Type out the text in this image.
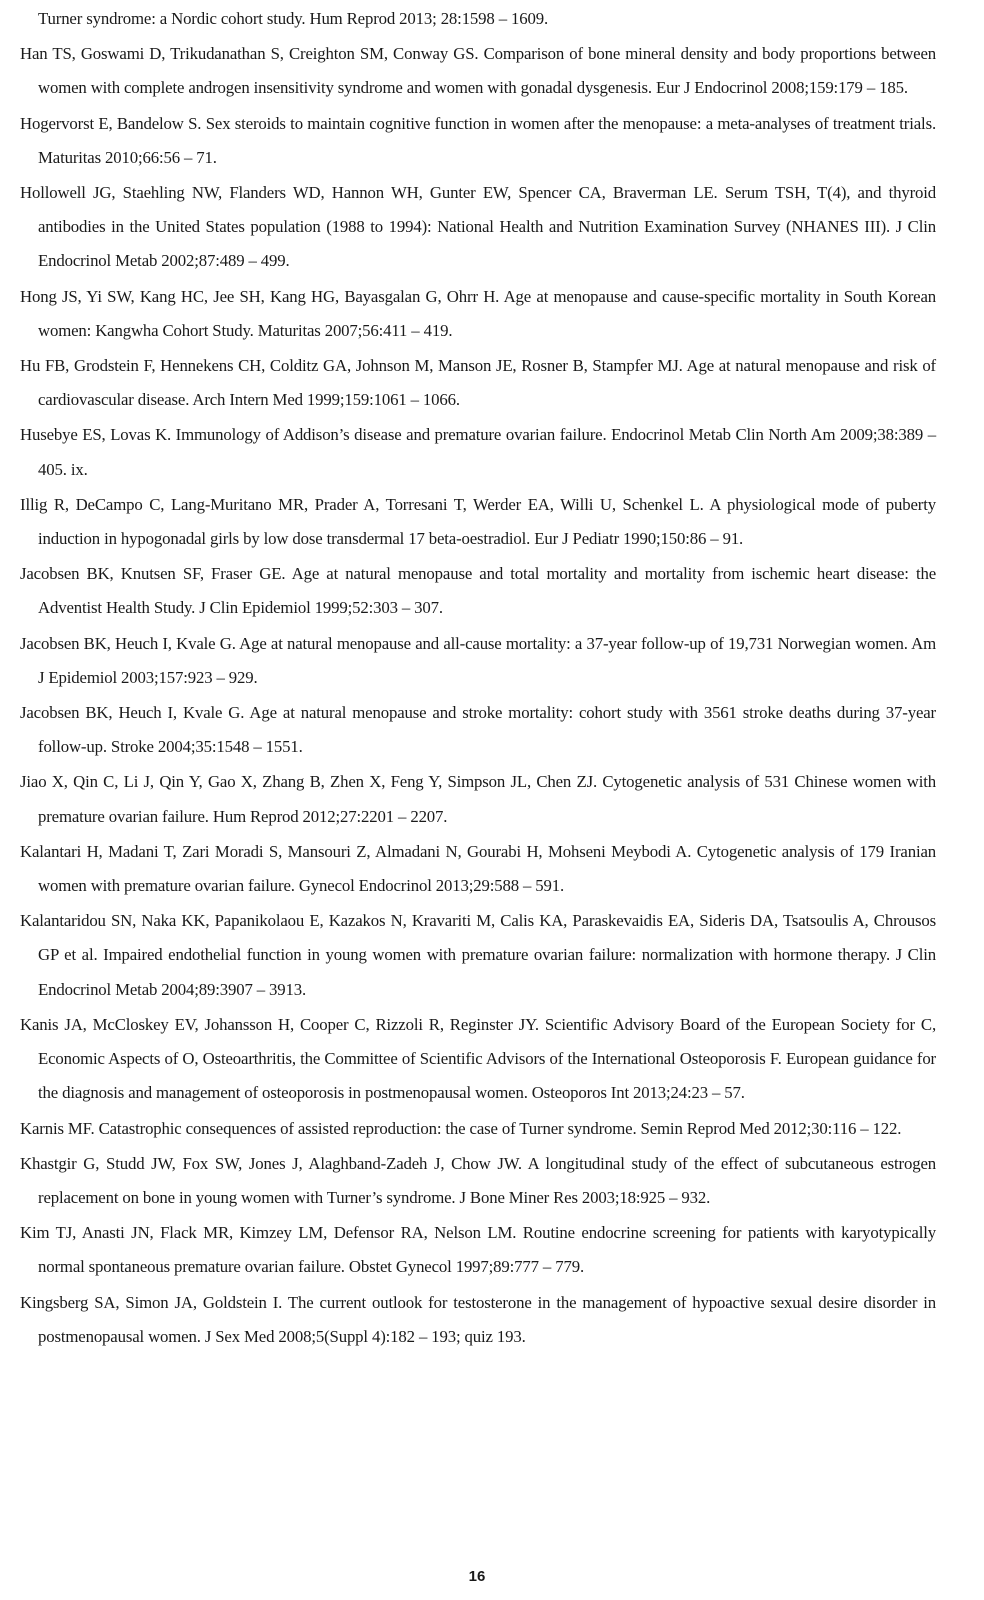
Turner syndrome: a Nordic cohort study. Hum Reprod 2013; 28:1598 – 1609.

Han TS, Goswami D, Trikudanathan S, Creighton SM, Conway GS. Comparison of bone mineral density and body proportions between women with complete androgen insensitivity syndrome and women with gonadal dysgenesis. Eur J Endocrinol 2008;159:179 – 185.

Hogervorst E, Bandelow S. Sex steroids to maintain cognitive function in women after the menopause: a meta-analyses of treatment trials. Maturitas 2010;66:56 – 71.

Hollowell JG, Staehling NW, Flanders WD, Hannon WH, Gunter EW, Spencer CA, Braverman LE. Serum TSH, T(4), and thyroid antibodies in the United States population (1988 to 1994): National Health and Nutrition Examination Survey (NHANES III). J Clin Endocrinol Metab 2002;87:489 – 499.

Hong JS, Yi SW, Kang HC, Jee SH, Kang HG, Bayasgalan G, Ohrr H. Age at menopause and cause-specific mortality in South Korean women: Kangwha Cohort Study. Maturitas 2007;56:411 – 419.

Hu FB, Grodstein F, Hennekens CH, Colditz GA, Johnson M, Manson JE, Rosner B, Stampfer MJ. Age at natural menopause and risk of cardiovascular disease. Arch Intern Med 1999;159:1061 – 1066.

Husebye ES, Lovas K. Immunology of Addison’s disease and premature ovarian failure. Endocrinol Metab Clin North Am 2009;38:389 – 405. ix.

Illig R, DeCampo C, Lang-Muritano MR, Prader A, Torresani T, Werder EA, Willi U, Schenkel L. A physiological mode of puberty induction in hypogonadal girls by low dose transdermal 17 beta-oestradiol. Eur J Pediatr 1990;150:86 – 91.

Jacobsen BK, Knutsen SF, Fraser GE. Age at natural menopause and total mortality and mortality from ischemic heart disease: the Adventist Health Study. J Clin Epidemiol 1999;52:303 – 307.

Jacobsen BK, Heuch I, Kvale G. Age at natural menopause and all-cause mortality: a 37-year follow-up of 19,731 Norwegian women. Am J Epidemiol 2003;157:923 – 929.

Jacobsen BK, Heuch I, Kvale G. Age at natural menopause and stroke mortality: cohort study with 3561 stroke deaths during 37-year follow-up. Stroke 2004;35:1548 – 1551.

Jiao X, Qin C, Li J, Qin Y, Gao X, Zhang B, Zhen X, Feng Y, Simpson JL, Chen ZJ. Cytogenetic analysis of 531 Chinese women with premature ovarian failure. Hum Reprod 2012;27:2201 – 2207.

Kalantari H, Madani T, Zari Moradi S, Mansouri Z, Almadani N, Gourabi H, Mohseni Meybodi A. Cytogenetic analysis of 179 Iranian women with premature ovarian failure. Gynecol Endocrinol 2013;29:588 – 591.

Kalantaridou SN, Naka KK, Papanikolaou E, Kazakos N, Kravariti M, Calis KA, Paraskevaidis EA, Sideris DA, Tsatsoulis A, Chrousos GP et al. Impaired endothelial function in young women with premature ovarian failure: normalization with hormone therapy. J Clin Endocrinol Metab 2004;89:3907 – 3913.

Kanis JA, McCloskey EV, Johansson H, Cooper C, Rizzoli R, Reginster JY. Scientific Advisory Board of the European Society for C, Economic Aspects of O, Osteoarthritis, the Committee of Scientific Advisors of the International Osteoporosis F. European guidance for the diagnosis and management of osteoporosis in postmenopausal women. Osteoporos Int 2013;24:23 – 57.

Karnis MF. Catastrophic consequences of assisted reproduction: the case of Turner syndrome. Semin Reprod Med 2012;30:116 – 122.

Khastgir G, Studd JW, Fox SW, Jones J, Alaghband-Zadeh J, Chow JW. A longitudinal study of the effect of subcutaneous estrogen replacement on bone in young women with Turner’s syndrome. J Bone Miner Res 2003;18:925 – 932.

Kim TJ, Anasti JN, Flack MR, Kimzey LM, Defensor RA, Nelson LM. Routine endocrine screening for patients with karyotypically normal spontaneous premature ovarian failure. Obstet Gynecol 1997;89:777 – 779.

Kingsberg SA, Simon JA, Goldstein I. The current outlook for testosterone in the management of hypoactive sexual desire disorder in postmenopausal women. J Sex Med 2008;5(Suppl 4):182 – 193; quiz 193.

16
